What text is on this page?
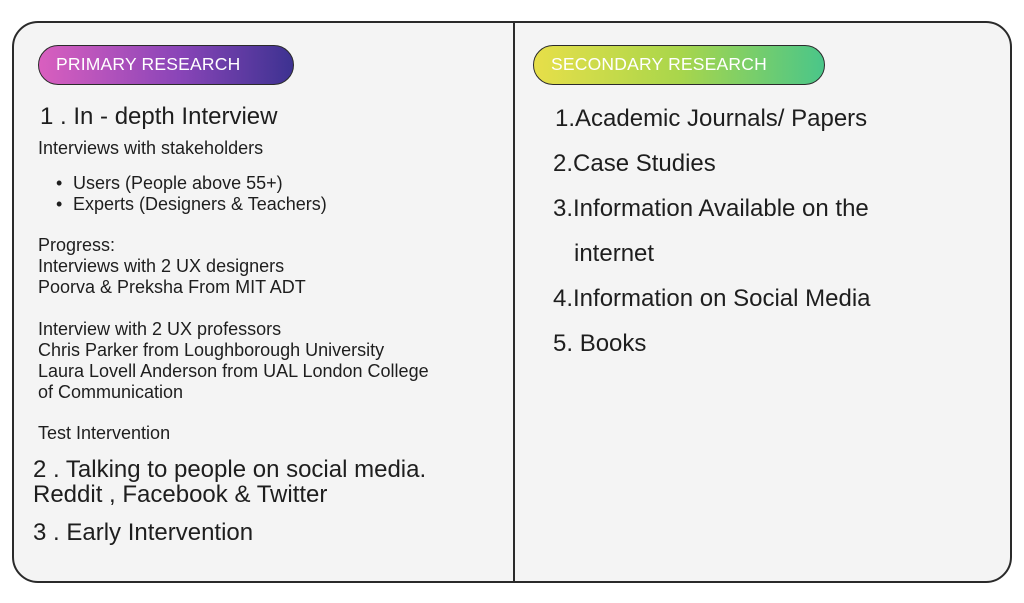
PRIMARY RESEARCH
1 . In - depth Interview
Interviews with stakeholders
• Users (People above 55+)
• Experts (Designers & Teachers)
Progress:
Interviews with 2 UX designers
Poorva & Preksha From MIT ADT
Interview with 2 UX professors
Chris Parker from Loughborough University
Laura Lovell Anderson from UAL London College
of Communication
Test Intervention
2 . Talking to people on social media.
Reddit , Facebook & Twitter
3 . Early Intervention
SECONDARY RESEARCH
1.Academic Journals/ Papers
2.Case Studies
3.Information Available on the
internet
4.Information on Social Media
5. Books
